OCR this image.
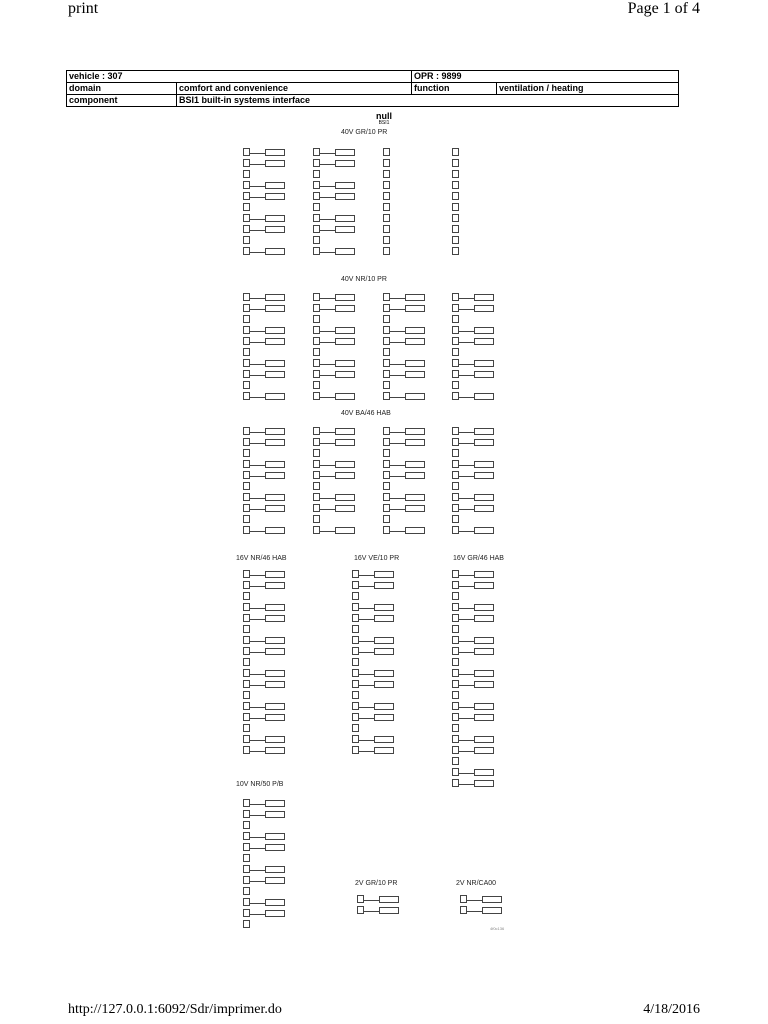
print	Page 1 of 4
vehicle : 307		OPR : 9899	
domain	comfort and convenience	function	ventilation / heating
component	BSI1 built-in systems interface		
null
BSI1
40V GR/10 PR
40V NR/10 PR
40V BA/46 HAB
16V NR/46 HAB	16V VE/10 PR	16V GR/46 HAB
10V NR/50 P/B
2V GR/10 PR	2V NR/CA00
4f0c136
http://127.0.0.1:6092/Sdr/imprimer.do	4/18/2016
